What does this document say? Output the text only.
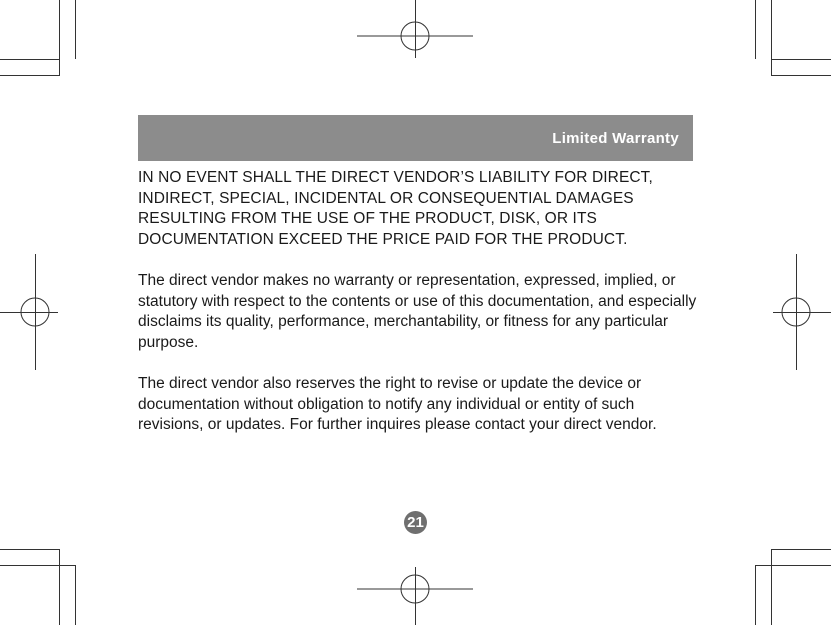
Limited Warranty

IN NO EVENT SHALL THE DIRECT VENDOR’S LIABILITY FOR DIRECT, INDIRECT, SPECIAL, INCIDENTAL OR CONSEQUENTIAL DAMAGES RESULTING FROM THE USE OF THE PRODUCT, DISK, OR ITS DOCUMENTATION EXCEED THE PRICE PAID FOR THE PRODUCT.

The direct vendor makes no warranty or representation, expressed, implied, or statutory with respect to the contents or use of this documentation, and especially disclaims its quality, performance, merchantability, or fitness for any particular purpose.

The direct vendor also reserves the right to revise or update the device or documentation without obligation to notify any individual or entity of such revisions, or updates. For further inquires please contact your direct vendor.

21
